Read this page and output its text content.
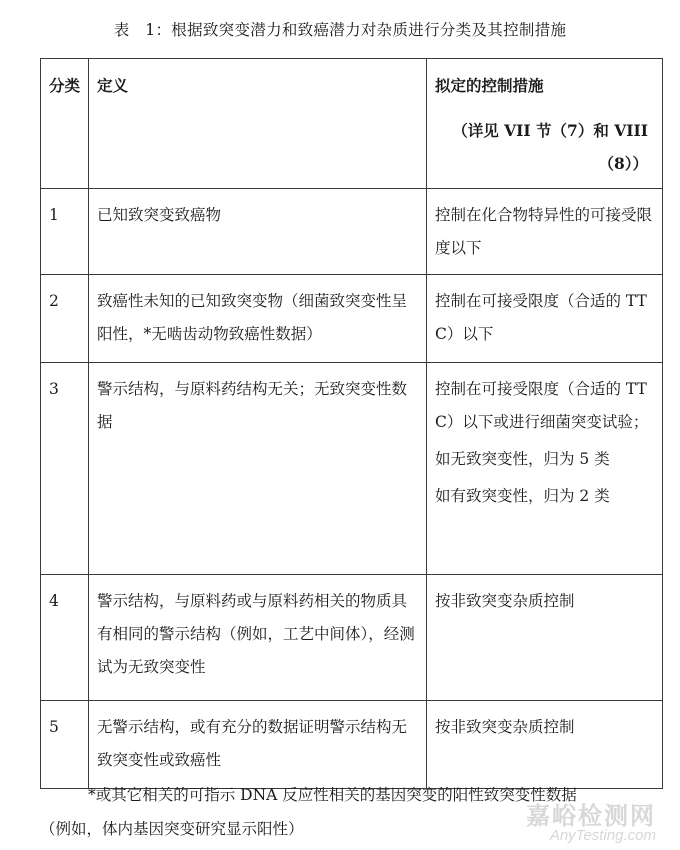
表　1：根据致突变潜力和致癌潜力对杂质进行分类及其控制措施
分类	定义	拟定的控制措施
（详见 VII 节（7）和 VIII（8））

1	已知致突变致癌物	控制在化合物特异性的可接受限度以下

2	致癌性未知的已知致突变物（细菌致突变性呈阳性，*无啮齿动物致癌性数据）	控制在可接受限度（合适的 TTC）以下

3	警示结构，与原料药结构无关；无致突变性数据	控制在可接受限度（合适的 TTC）以下或进行细菌突变试验；
如无致突变性，归为 5 类
如有致突变性，归为 2 类

4	警示结构，与原料药或与原料药相关的物质具有相同的警示结构（例如，工艺中间体），经测试为无致突变性	按非致突变杂质控制

5	无警示结构，或有充分的数据证明警示结构无致突变性或致癌性	按非致突变杂质控制
*或其它相关的可指示 DNA 反应性相关的基因突变的阳性致突变性数据
（例如，体内基因突变研究显示阳性）	嘉峪检测网
AnyTesting.com
